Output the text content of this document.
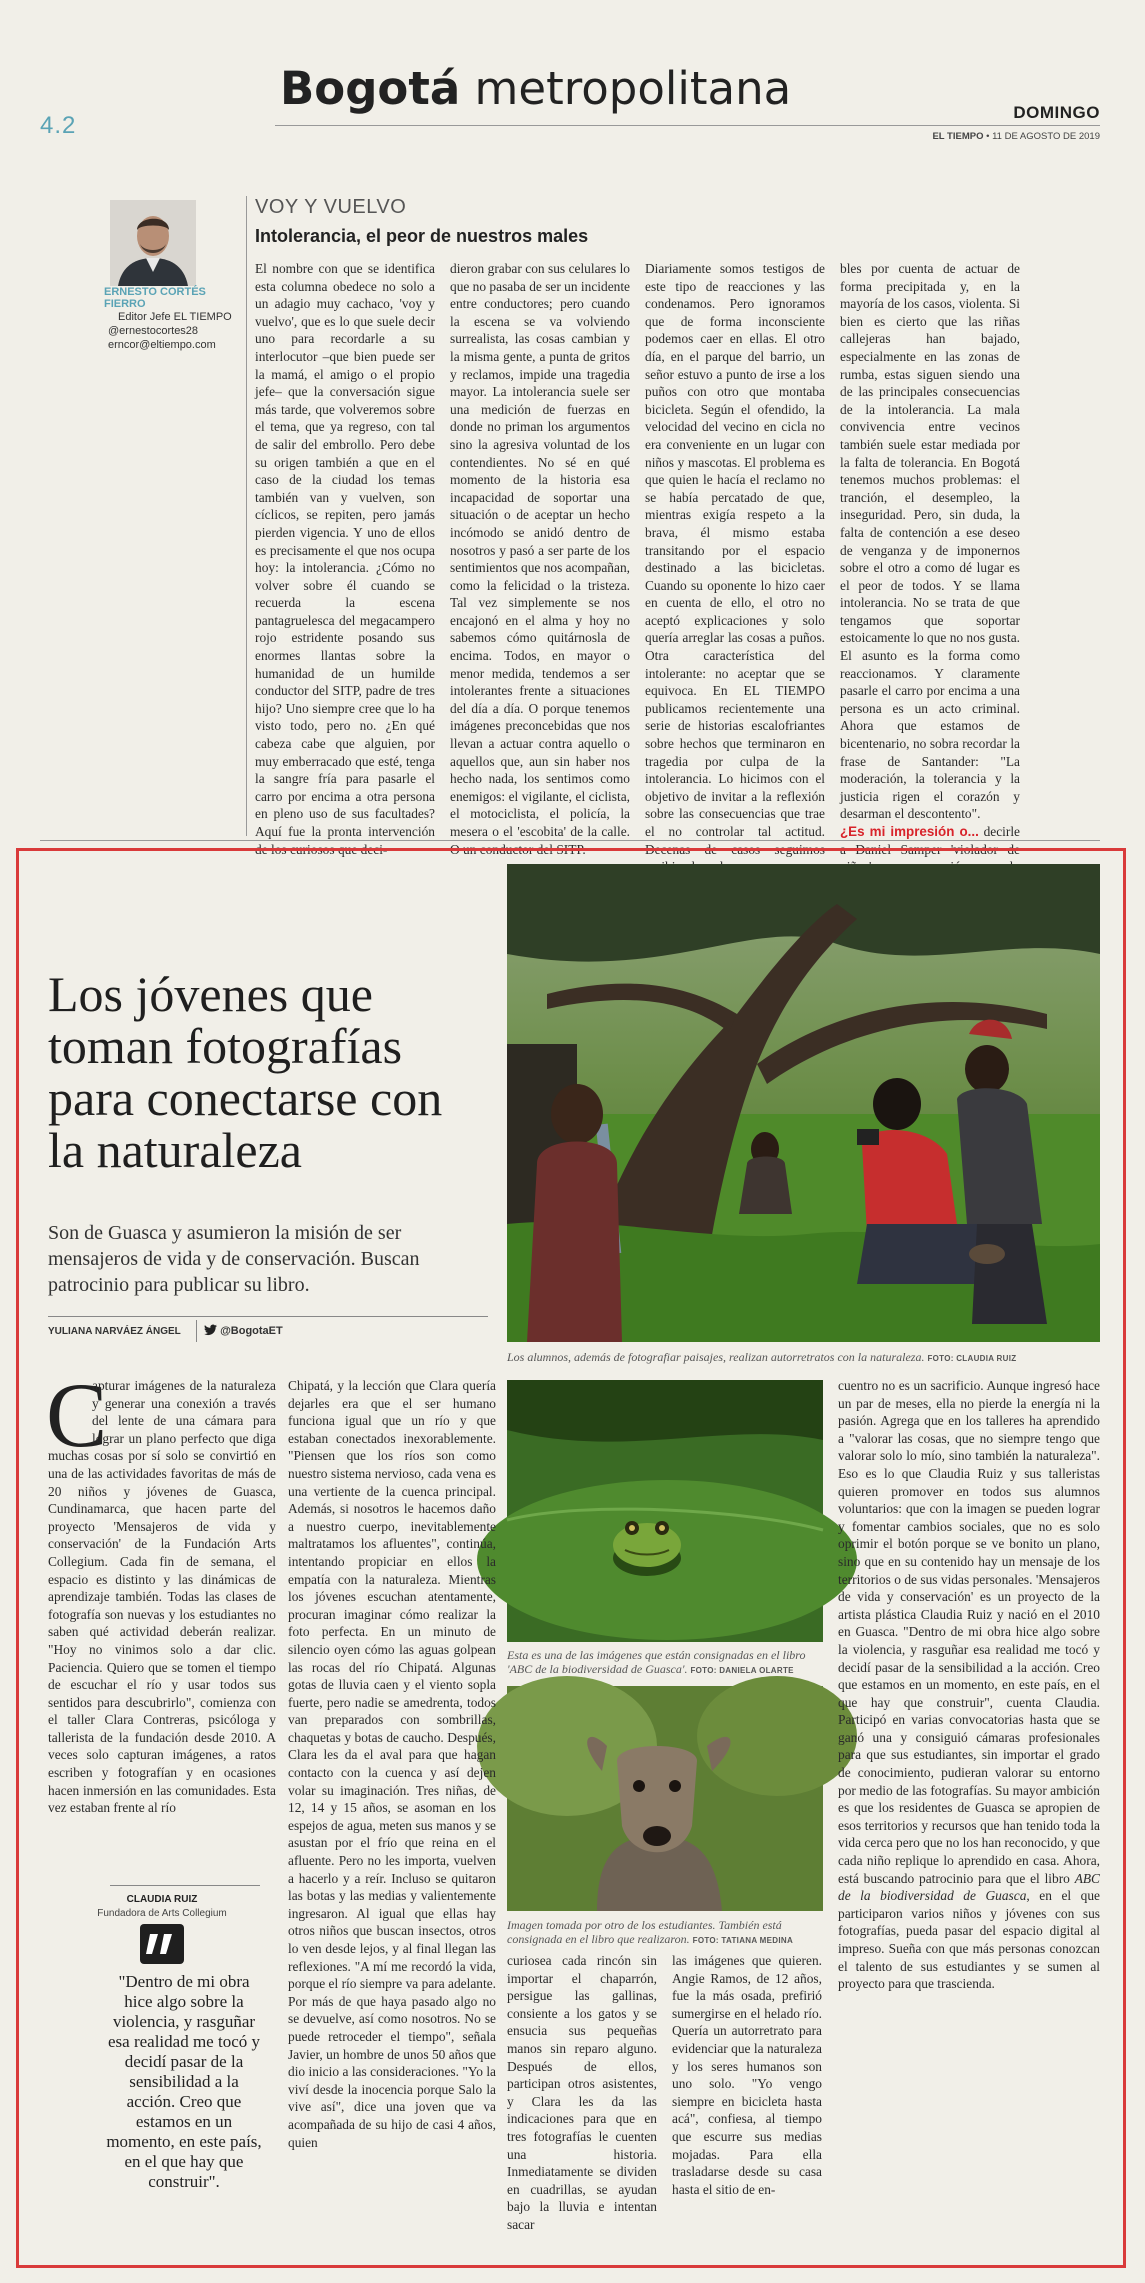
4.2
Bogotá metropolitana	DOMINGO
EL TIEMPO • 11 DE AGOSTO DE 2019
ERNESTO CORTÉS FIERRO
Editor Jefe EL TIEMPO
@ernestocortes28
erncor@eltiempo.com
VOY Y VUELVO
Intolerancia, el peor de nuestros males

El nombre con que se identifica esta columna obedece no solo a un adagio muy cachaco, 'voy y vuelvo', que es lo que suele decir uno para recordarle a su interlocutor –que bien puede ser la mamá, el amigo o el propio jefe– que la conversación sigue más tarde, que volveremos sobre el tema, que ya regreso, con tal de salir del embrollo. Pero debe su origen también a que en el caso de la ciudad los temas también van y vuelven, son cíclicos, se repiten, pero jamás pierden vigencia. Y uno de ellos es precisamente el que nos ocupa hoy: la intolerancia. ¿Cómo no volver sobre él cuando se recuerda la escena pantagruelesca del megacampero rojo estridente posando sus enormes llantas sobre la humanidad de un humilde conductor del SITP, padre de tres hijo? Uno siempre cree que lo ha visto todo, pero no. ¿En qué cabeza cabe que alguien, por muy emberracado que esté, tenga la sangre fría para pasarle el carro por encima a otra persona en pleno uso de sus facultades? Aquí fue la pronta intervención de los curiosos que deci-

dieron grabar con sus celulares lo que no pasaba de ser un incidente entre conductores; pero cuando la escena se va volviendo surrealista, las cosas cambian y la misma gente, a punta de gritos y reclamos, impide una tragedia mayor. La intolerancia suele ser una medición de fuerzas en donde no priman los argumentos sino la agresiva voluntad de los contendientes. No sé en qué momento de la historia esa incapacidad de soportar una situación o de aceptar un hecho incómodo se anidó dentro de nosotros y pasó a ser parte de los sentimientos que nos acompañan, como la felicidad o la tristeza. Tal vez simplemente se nos encajonó en el alma y hoy no sabemos cómo quitárnosla de encima. Todos, en mayor o menor medida, tendemos a ser intolerantes frente a situaciones del día a día. O porque tenemos imágenes preconcebidas que nos llevan a actuar contra aquello o aquellos que, aun sin haber nos hecho nada, los sentimos como enemigos: el vigilante, el ciclista, el motociclista, el policía, la mesera o el 'escobita' de la calle. O un conductor del SITP.

Diariamente somos testigos de este tipo de reacciones y las condenamos. Pero ignoramos que de forma inconsciente podemos caer en ellas. El otro día, en el parque del barrio, un señor estuvo a punto de irse a los puños con otro que montaba bicicleta. Según el ofendido, la velocidad del vecino en cicla no era conveniente en un lugar con niños y mascotas. El problema es que quien le hacía el reclamo no se había percatado de que, mientras exigía respeto a la brava, él mismo estaba transitando por el espacio destinado a las bicicletas. Cuando su oponente lo hizo caer en cuenta de ello, el otro no aceptó explicaciones y solo quería arreglar las cosas a puños. Otra característica del intolerante: no aceptar que se equivoca. En EL TIEMPO publicamos recientemente una serie de historias escalofriantes sobre hechos que terminaron en tragedia por culpa de la intolerancia. Lo hicimos con el objetivo de invitar a la reflexión sobre las consecuencias que trae el no controlar tal actitud. Decenas de casos seguimos

bles por cuenta de actuar de forma precipitada y, en la mayoría de los casos, violenta. Si bien es cierto que las riñas callejeras han bajado, especialmente en las zonas de rumba, estas siguen siendo una de las principales consecuencias de la intolerancia. La mala convivencia entre vecinos también suele estar mediada por la falta de tolerancia. En Bogotá tenemos muchos problemas: el tranción, el desempleo, la inseguridad. Pero, sin duda, la falta de contención a ese deseo de venganza y de imponernos sobre el otro a como dé lugar es el peor de todos. Y se llama intolerancia. No se trata de que tengamos que soportar estoicamente lo que no nos gusta. El asunto es la forma como reaccionamos. Y claramente pasarle el carro por encima a una persona es un acto criminal. Ahora que estamos de bicentenario, no sobra recordar la frase de Santander: "La moderación, la tolerancia y la justicia rigen el corazón y desarman el descontento".

¿Es mi impresión o... decirle a Daniel Samper 'violador de

Los jóvenes que toman fotografías para conectarse con la naturaleza
Son de Guasca y asumieron la misión de ser mensajeros de vida y de conservación. Buscan patrocinio para publicar su libro.
YULIANA NARVÁEZ ÁNGEL	@BogotaET
Los alumnos, además de fotografiar paisajes, realizan autorretratos con la naturaleza. FOTO: CLAUDIA RUIZ
Esta es una de las imágenes que están consignadas en el libro 'ABC de la biodiversidad de Guasca'. FOTO: DANIELA OLARTE
Imagen tomada por otro de los estudiantes. También está consignada en el libro que realizaron. FOTO: TATIANA MEDINA
C
apturar imágenes de la naturaleza y generar una conexión a través del lente de una cámara para lograr un plano perfecto que diga muchas cosas por sí solo se convirtió en una de las actividades favoritas de más de 20 niños y jóvenes de Guasca, Cundinamarca, que hacen parte del proyecto 'Mensajeros de vida y conservación' de la Fundación Arts Collegium. Cada fin de semana, el espacio es distinto y las dinámicas de aprendizaje también. Todas las clases de fotografía son nuevas y los estudiantes no saben qué actividad deberán realizar. "Hoy no vinimos solo a dar clic. Paciencia. Quiero que se tomen el tiempo de escuchar el río y usar todos sus sentidos para descubrirlo", comienza con el taller Clara Contreras, psicóloga y tallerista de la fundación desde 2010. A veces solo capturan imágenes, a ratos escriben y fotografían y en ocasiones hacen inmersión en las comunidades. Esta vez estaban frente al río
CLAUDIA RUIZ
Fundadora de Arts Collegium
"Dentro de mi obra hice algo sobre la violencia, y rasguñar esa realidad me tocó y decidí pasar de la sensibilidad a la acción. Creo que estamos en un momento, en este país, en el que hay que construir".

Chipatá, y la lección que Clara quería dejarles era que el ser humano funciona igual que un río y que estaban conectados inexorablemente. "Piensen que los ríos son como nuestro sistema nervioso, cada vena es una vertiente de la cuenca principal. Además, si nosotros le hacemos daño a nuestro cuerpo, inevitablemente maltratamos los afluentes", continúa, intentando propiciar en ellos la empatía con la naturaleza. Mientras los jóvenes escuchan atentamente, procuran imaginar cómo realizar la foto perfecta. En un minuto de silencio oyen cómo las aguas golpean las rocas del río Chipatá. Algunas gotas de lluvia caen y el viento sopla fuerte, pero nadie se amedrenta, todos van preparados con sombrillas, chaquetas y botas de caucho. Después, Clara les da el aval para que hagan contacto con la cuenca y así dejen volar su imaginación. Tres niñas, de 12, 14 y 15 años, se asoman en los espejos de agua, meten sus manos y se asustan por el frío que reina en el afluente. Pero no les importa, vuelven a hacerlo y a reír. Incluso se quitaron las botas y las medias y valientemente ingresaron. Al igual que ellas hay otros niños que buscan insectos, otros lo ven desde lejos, y al final llegan las reflexiones. "A mí me recordó la vida, porque el río siempre va para adelante. Por más de que haya pasado algo no se devuelve, así como nosotros. No se puede retroceder el tiempo", señala Javier, un hombre de unos 50 años que dio inicio a las consideraciones. "Yo la viví desde la inocencia porque Salo la vive así", dice una joven que va acompañada de su hijo de casi 4 años, quien

curiosea cada rincón sin importar el chaparrón, persigue las gallinas, consiente a los gatos y se ensucia sus pequeñas manos sin reparo alguno. Después de ellos, participan otros asistentes, y Clara les da las indicaciones para que en tres fotografías le cuenten una historia. Inmediatamente se dividen en cuadrillas, se ayudan bajo la lluvia e intentan sacar

las imágenes que quieren. Angie Ramos, de 12 años, fue la más osada, prefirió sumergirse en el helado río. Quería un autorretrato para evidenciar que la naturaleza y los seres humanos son uno solo. "Yo vengo siempre en bicicleta hasta acá", confiesa, al tiempo que escurre sus medias mojadas. Para ella trasladarse desde su casa hasta el sitio de en-

cuentro no es un sacrificio. Aunque ingresó hace un par de meses, ella no pierde la energía ni la pasión. Agrega que en los talleres ha aprendido a "valorar las cosas, que no siempre tengo que valorar solo lo mío, sino también la naturaleza". Eso es lo que Claudia Ruiz y sus talleristas quieren promover en todos sus alumnos voluntarios: que con la imagen se pueden lograr y fomentar cambios sociales, que no es solo oprimir el botón porque se ve bonito un plano, sino que en su contenido hay un mensaje de los territorios o de sus vidas personales. 'Mensajeros de vida y conservación' es un proyecto de la artista plástica Claudia Ruiz y nació en el 2010 en Guasca. "Dentro de mi obra hice algo sobre la violencia, y rasguñar esa realidad me tocó y decidí pasar de la sensibilidad a la acción. Creo que estamos en un momento, en este país, en el que hay que construir", cuenta Claudia. Participó en varias convocatorias hasta que se ganó una y consiguió cámaras profesionales para que sus estudiantes, sin importar el grado de conocimiento, pudieran valorar su entorno por medio de las fotografías. Su mayor ambición es que los residentes de Guasca se apropien de esos territorios y recursos que han tenido toda la vida cerca pero que no los han reconocido, y que cada niño replique lo aprendido en casa. Ahora, está buscando patrocinio para que el libro ABC de la biodiversidad de Guasca, en el que participaron varios niños y jóvenes con sus fotografías, pueda pasar del espacio digital al impreso. Sueña con que más personas conozcan el talento de sus estudiantes y se sumen al proyecto para que trascienda.
